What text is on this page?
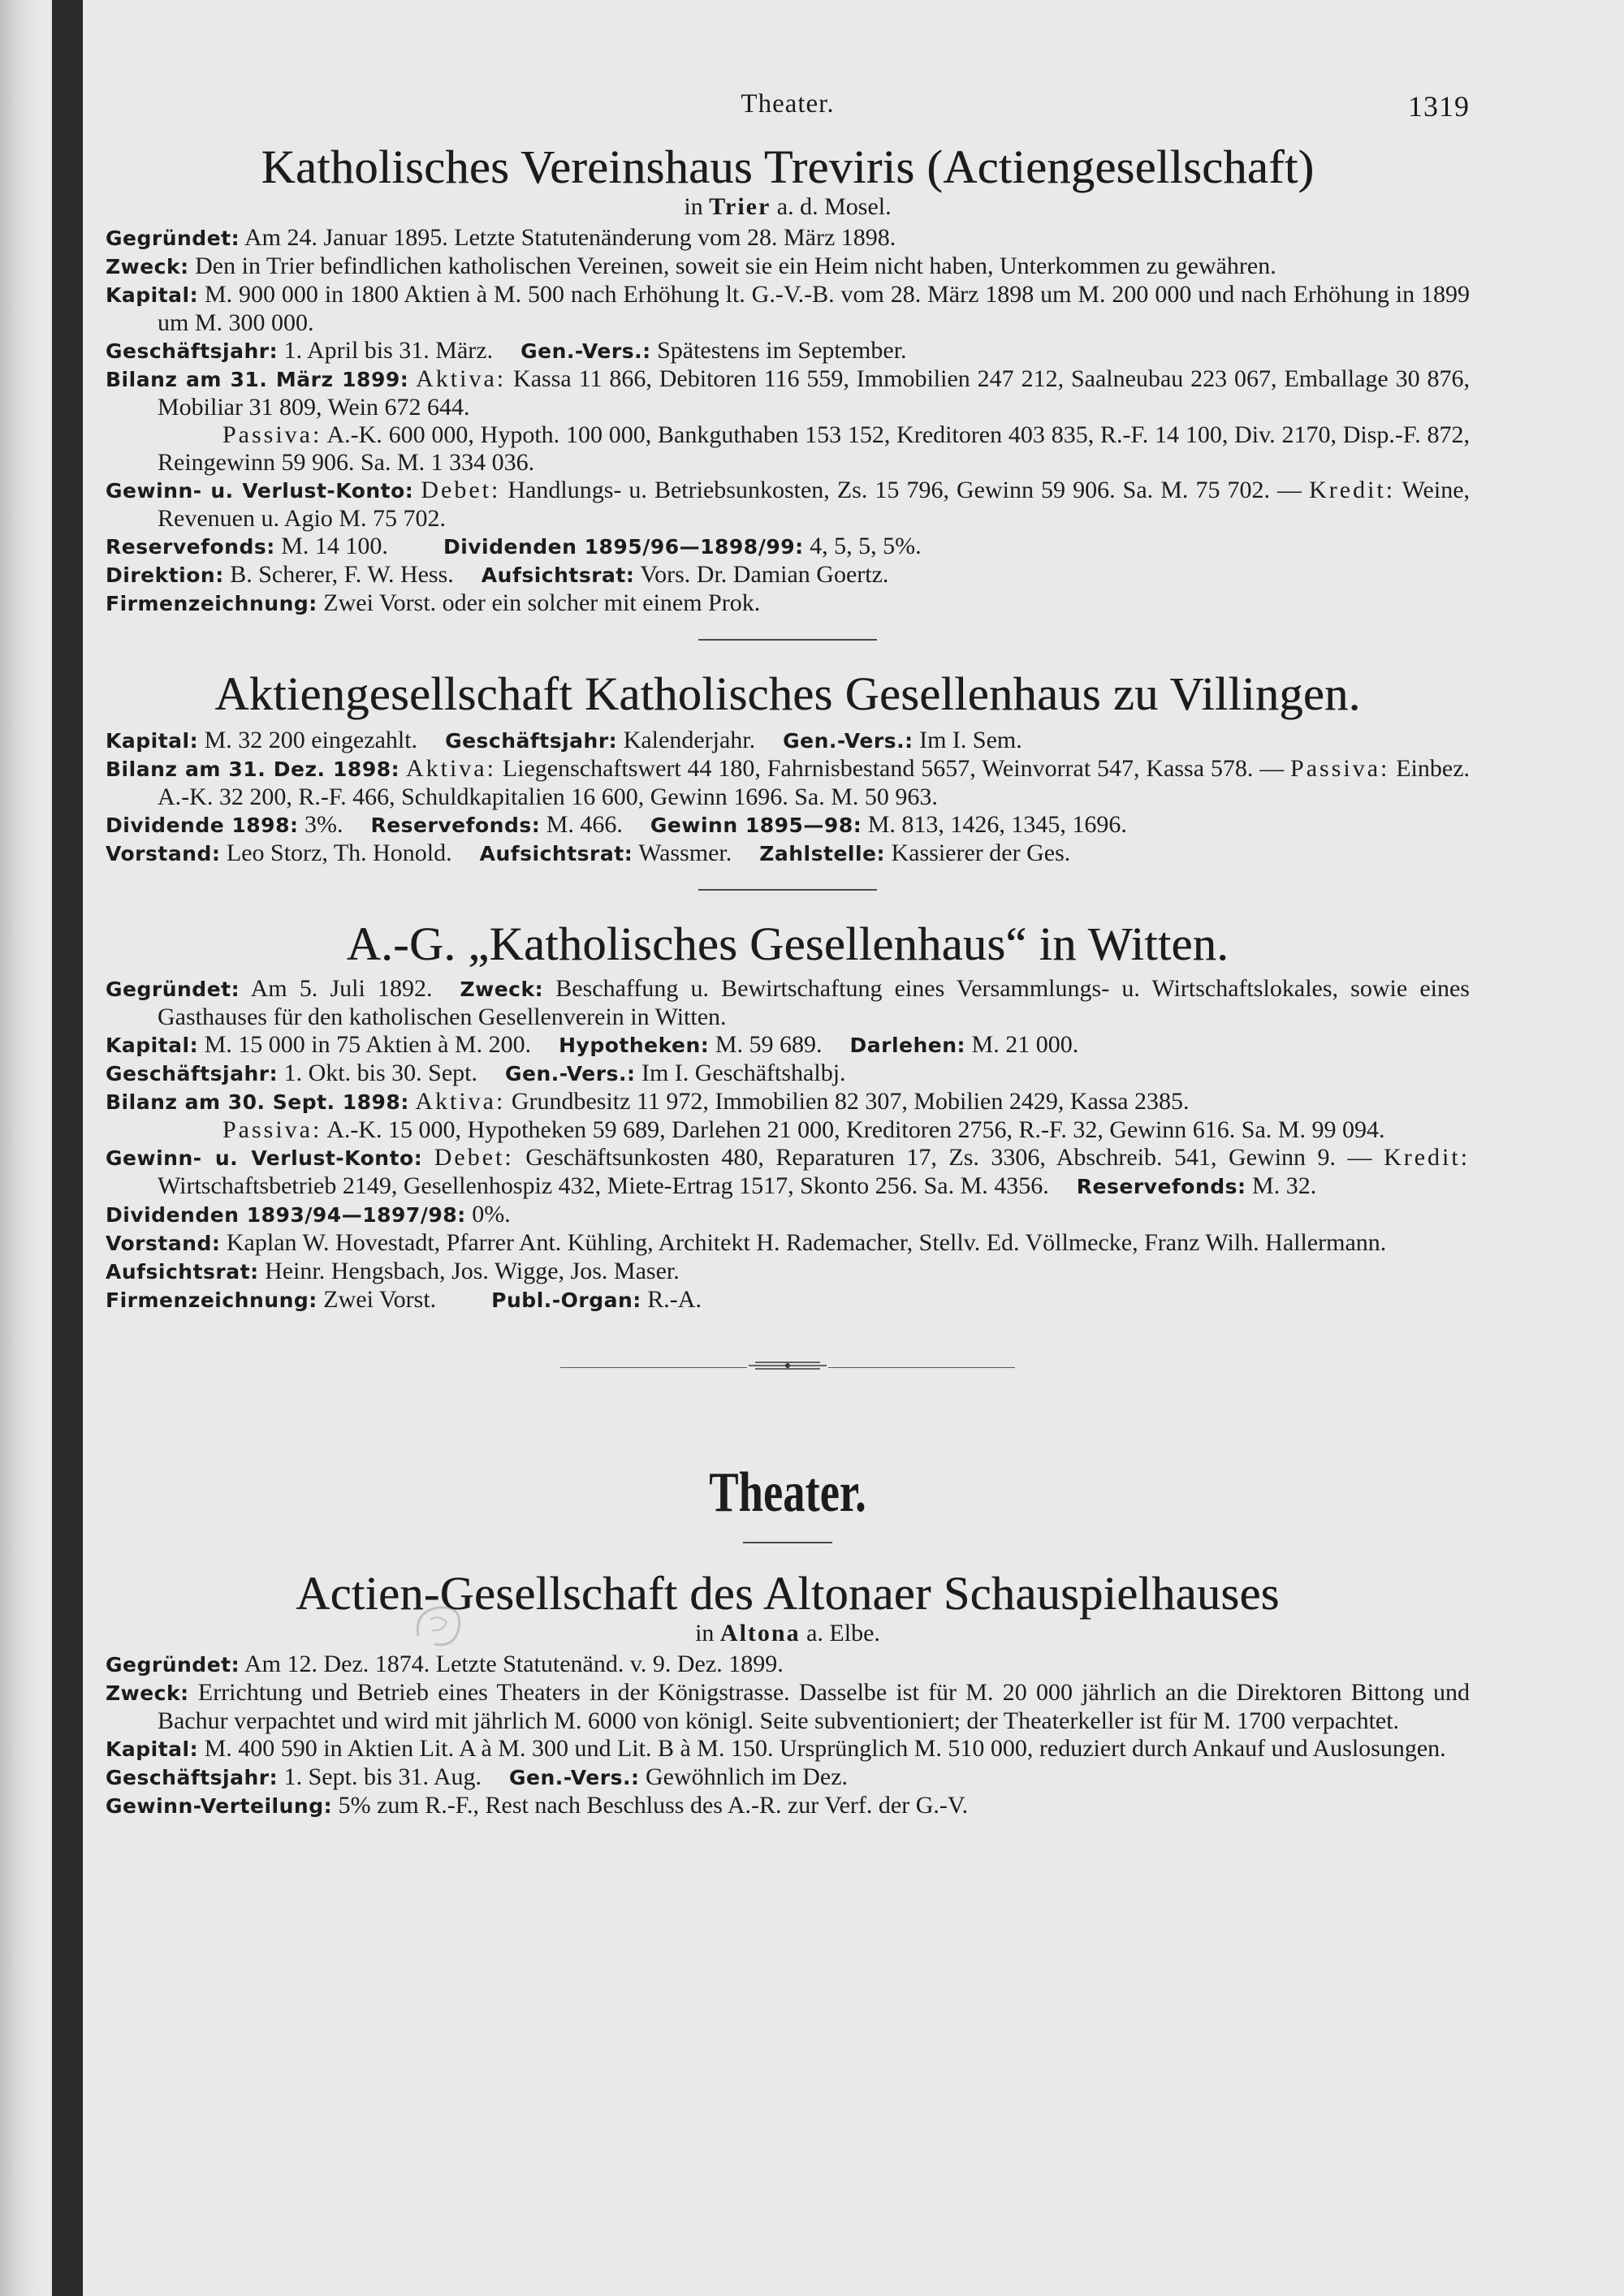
Theater.	1319
Katholisches Vereinshaus Treviris (Actiengesellschaft)
in Trier a. d. Mosel.

Gegründet: Am 24. Januar 1895. Letzte Statutenänderung vom 28. März 1898.

Zweck: Den in Trier befindlichen katholischen Vereinen, soweit sie ein Heim nicht haben, Unterkommen zu gewähren.

Kapital: M. 900 000 in 1800 Aktien à M. 500 nach Erhöhung lt. G.-V.-B. vom 28. März 1898 um M. 200 000 und nach Erhöhung in 1899 um M. 300 000.

Geschäftsjahr: 1. April bis 31. März. Gen.-Vers.: Spätestens im September.

Bilanz am 31. März 1899: Aktiva: Kassa 11 866, Debitoren 116 559, Immobilien 247 212, Saalneubau 223 067, Emballage 30 876, Mobiliar 31 809, Wein 672 644.

Passiva: A.-K. 600 000, Hypoth. 100 000, Bankguthaben 153 152, Kreditoren 403 835, R.-F. 14 100, Div. 2170, Disp.-F. 872, Reingewinn 59 906. Sa. M. 1 334 036.

Gewinn- u. Verlust-Konto: Debet: Handlungs- u. Betriebsunkosten, Zs. 15 796, Gewinn 59 906. Sa. M. 75 702. — Kredit: Weine, Revenuen u. Agio M. 75 702.

Reservefonds: M. 14 100.	Dividenden 1895/96—1898/99: 4, 5, 5, 5%.

Direktion: B. Scherer, F. W. Hess. Aufsichtsrat: Vors. Dr. Damian Goertz.

Firmenzeichnung: Zwei Vorst. oder ein solcher mit einem Prok.

Aktiengesellschaft Katholisches Gesellenhaus zu Villingen.

Kapital: M. 32 200 eingezahlt. Geschäftsjahr: Kalenderjahr. Gen.-Vers.: Im I. Sem.

Bilanz am 31. Dez. 1898: Aktiva: Liegenschaftswert 44 180, Fahrnisbestand 5657, Weinvorrat 547, Kassa 578. — Passiva: Einbez. A.-K. 32 200, R.-F. 466, Schuldkapitalien 16 600, Gewinn 1696. Sa. M. 50 963.

Dividende 1898: 3%. Reservefonds: M. 466. Gewinn 1895—98: M. 813, 1426, 1345, 1696.

Vorstand: Leo Storz, Th. Honold. Aufsichtsrat: Wassmer. Zahlstelle: Kassierer der Ges.

A.-G. „Katholisches Gesellenhaus“ in Witten.

Gegründet: Am 5. Juli 1892. Zweck: Beschaffung u. Bewirtschaftung eines Versammlungs- u. Wirtschaftslokales, sowie eines Gasthauses für den katholischen Gesellenverein in Witten.

Kapital: M. 15 000 in 75 Aktien à M. 200. Hypotheken: M. 59 689. Darlehen: M. 21 000.

Geschäftsjahr: 1. Okt. bis 30. Sept. Gen.-Vers.: Im I. Geschäftshalbj.

Bilanz am 30. Sept. 1898: Aktiva: Grundbesitz 11 972, Immobilien 82 307, Mobilien 2429, Kassa 2385.

Passiva: A.-K. 15 000, Hypotheken 59 689, Darlehen 21 000, Kreditoren 2756, R.-F. 32, Gewinn 616. Sa. M. 99 094.

Gewinn- u. Verlust-Konto: Debet: Geschäftsunkosten 480, Reparaturen 17, Zs. 3306, Abschreib. 541, Gewinn 9. — Kredit: Wirtschaftsbetrieb 2149, Gesellenhospiz 432, Miete-Ertrag 1517, Skonto 256. Sa. M. 4356. Reservefonds: M. 32.

Dividenden 1893/94—1897/98: 0%.

Vorstand: Kaplan W. Hovestadt, Pfarrer Ant. Kühling, Architekt H. Rademacher, Stellv. Ed. Völlmecke, Franz Wilh. Hallermann.

Aufsichtsrat: Heinr. Hengsbach, Jos. Wigge, Jos. Maser.

Firmenzeichnung: Zwei Vorst.	Publ.-Organ: R.-A.

Theater.
Actien-Gesellschaft des Altonaer Schauspielhauses
in Altona a. Elbe.

Gegründet: Am 12. Dez. 1874. Letzte Statutenänd. v. 9. Dez. 1899.

Zweck: Errichtung und Betrieb eines Theaters in der Königstrasse. Dasselbe ist für M. 20 000 jährlich an die Direktoren Bittong und Bachur verpachtet und wird mit jährlich M. 6000 von königl. Seite subventioniert; der Theaterkeller ist für M. 1700 verpachtet.

Kapital: M. 400 590 in Aktien Lit. A à M. 300 und Lit. B à M. 150. Ursprünglich M. 510 000, reduziert durch Ankauf und Auslosungen.

Geschäftsjahr: 1. Sept. bis 31. Aug. Gen.-Vers.: Gewöhnlich im Dez.

Gewinn-Verteilung: 5% zum R.-F., Rest nach Beschluss des A.-R. zur Verf. der G.-V.
